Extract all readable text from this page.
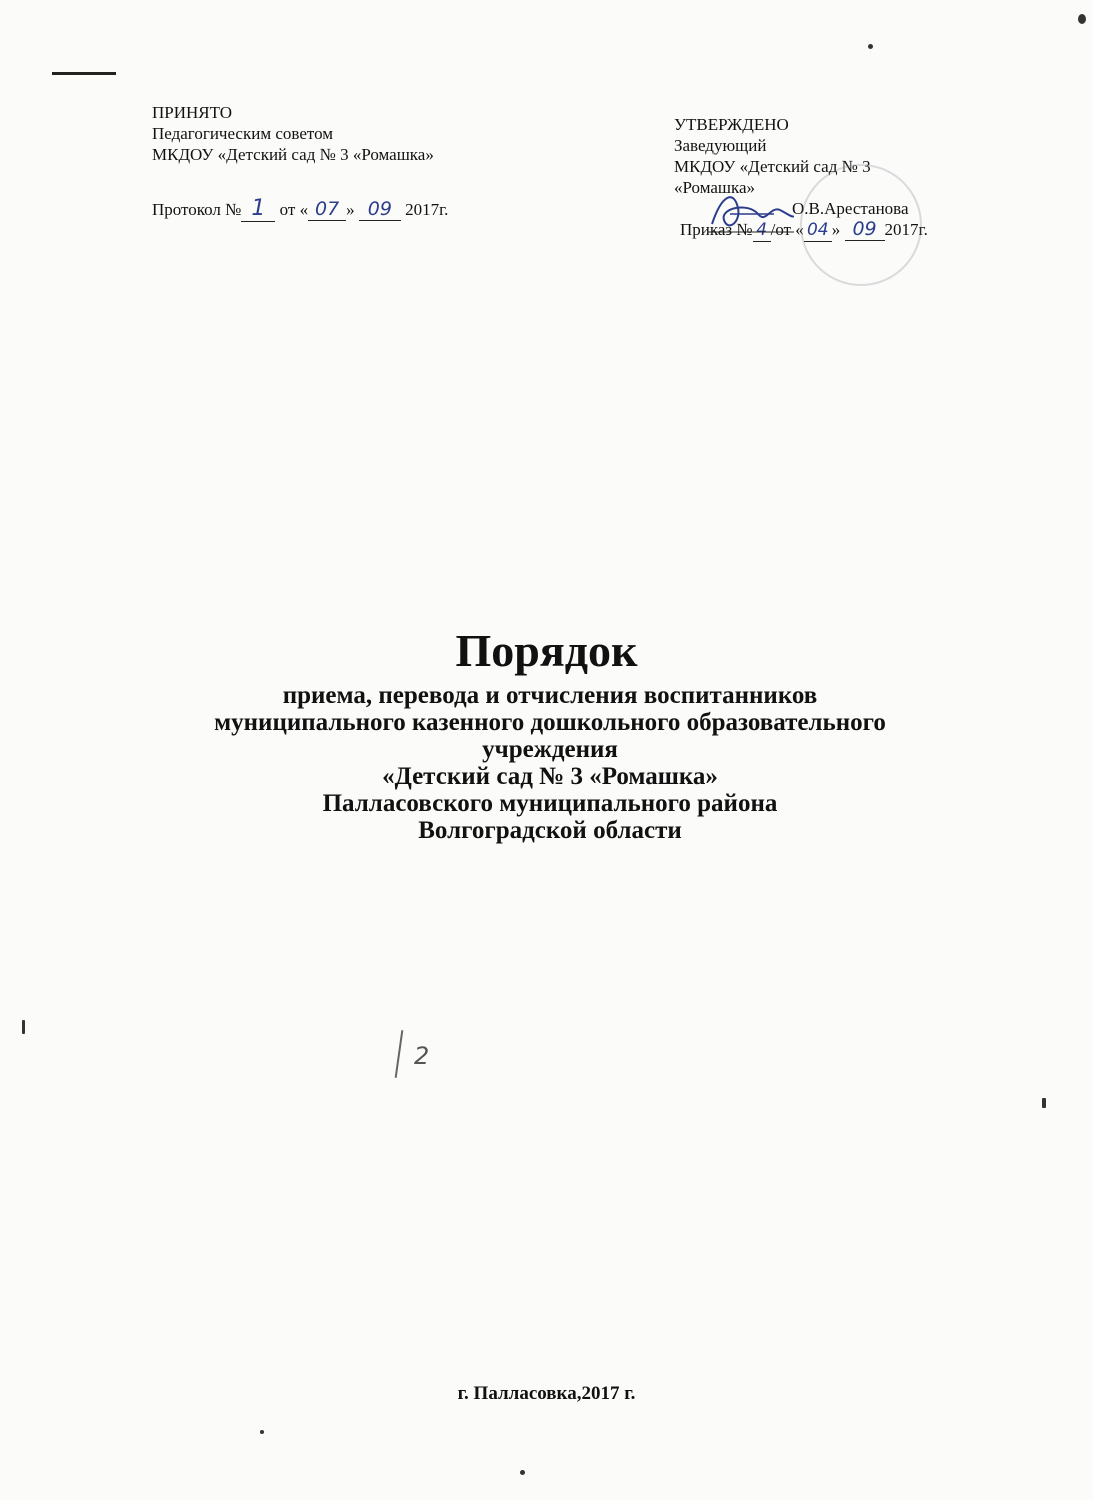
ПРИНЯТО
Педагогическим советом
МКДОУ «Детский сад № 3 «Ромашка»
Протокол № 1 от « 07 » 09 2017г.
УТВЕРЖДЕНО
Заведующий
МКДОУ «Детский сад № 3
«Ромашка»
О.В.Арестанова
Приказ № 4 /от « 04 » 09 2017г.
Порядок
приема, перевода и отчисления воспитанников
муниципального казенного дошкольного образовательного
учреждения
«Детский сад № 3 «Ромашка»
Палласовского муниципального района
Волгоградской области
2
г. Палласовка,2017 г.
